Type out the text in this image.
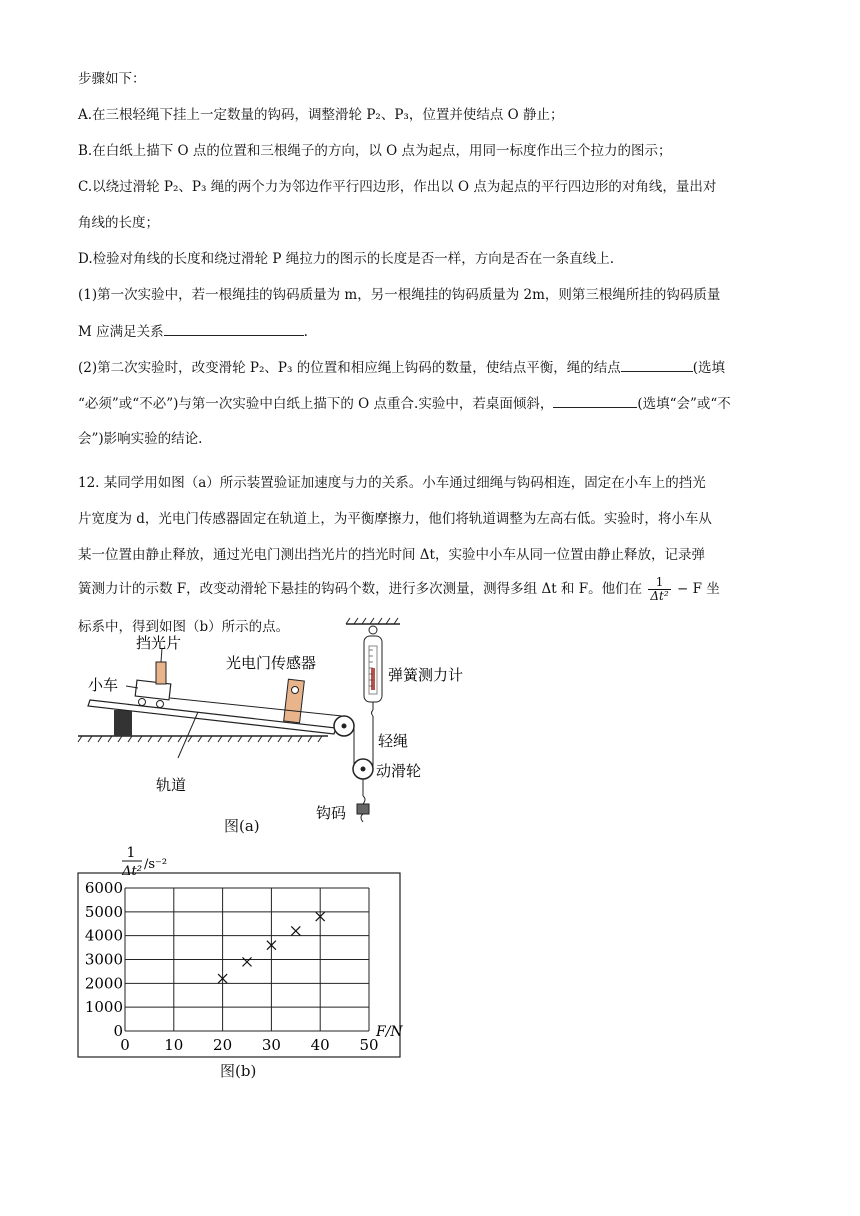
步骤如下：
A.在三根轻绳下挂上一定数量的钩码，调整滑轮 P₂、P₃，位置并使结点 O 静止；
B.在白纸上描下 O 点的位置和三根绳子的方向，以 O 点为起点，用同一标度作出三个拉力的图示；
C.以绕过滑轮 P₂、P₃ 绳的两个力为邻边作平行四边形，作出以 O 点为起点的平行四边形的对角线，量出对
角线的长度；
D.检验对角线的长度和绕过滑轮 P 绳拉力的图示的长度是否一样，方向是否在一条直线上.
(1)第一次实验中，若一根绳挂的钩码质量为 m，另一根绳挂的钩码质量为 2m，则第三根绳所挂的钩码质量
M 应满足关系	.
(2)第二次实验时，改变滑轮 P₂、P₃ 的位置和相应绳上钩码的数量，使结点平衡，绳的结点	(选填
“必须”或“不必”)与第一次实验中白纸上描下的 O 点重合.实验中，若桌面倾斜，	(选填“会”或“不
会”)影响实验的结论.
12. 某同学用如图（a）所示装置验证加速度与力的关系。小车通过细绳与钩码相连，固定在小车上的挡光
片宽度为 d，光电门传感器固定在轨道上，为平衡摩擦力，他们将轨道调整为左高右低。实验时，将小车从
某一位置由静止释放，通过光电门测出挡光片的挡光时间 Δt，实验中小车从同一位置由静止释放，记录弹
簧测力计的示数 F，改变动滑轮下悬挂的钩码个数，进行多次测量，测得多组 Δt 和 F。他们在 $\frac{1}{\text{Δt²}} - F$ 坐
标系中，得到如图（b）所示的点。
挡光片
光电门传感器
弹簧测力计
小车
轻绳
动滑轮
轨道
钩码
图(a)
1
Δt² /s⁻²
F/N
0 10 20 30 40 50
0
1000
2000
3000
4000
5000
6000
图(b)
